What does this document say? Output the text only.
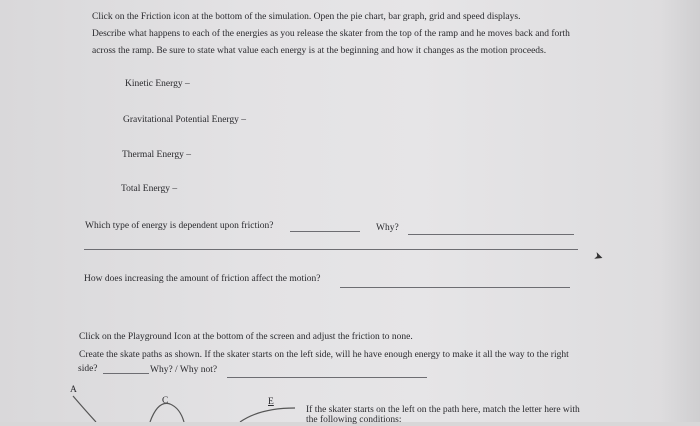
Click on the Friction icon at the bottom of the simulation. Open the pie chart, bar graph, grid and speed displays.
Describe what happens to each of the energies as you release the skater from the top of the ramp and he moves back and forth
across the ramp. Be sure to state what value each energy is at the beginning and how it changes as the motion proceeds.
Kinetic Energy –
Gravitational Potential Energy –
Thermal Energy –
Total Energy –
Which type of energy is dependent upon friction?	Why?
➤
How does increasing the amount of friction affect the motion?
Click on the Playground Icon at the bottom of the screen and adjust the friction to none.
Create the skate paths as shown. If the skater starts on the left side, will he have enough energy to make it all the way to the right
side?	Why? / Why not?
A
C	E
If the skater starts on the left on the path here, match the letter here with
the following conditions:
